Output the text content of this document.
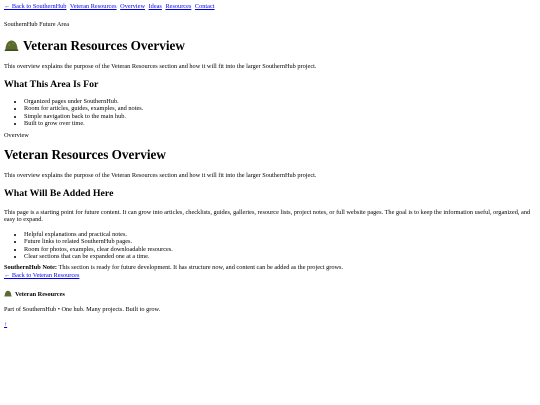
← Back to SouthernHub Veteran Resources Overview Ideas Resources Contact

SouthernHub Future Area

Veteran Resources Overview

This overview explains the purpose of the Veteran Resources section and how it will fit into the larger SouthernHub project.

What This Area Is For
• Organized pages under SouthernHub.
• Room for articles, guides, examples, and notes.
• Simple navigation back to the main hub.
• Built to grow over time.

Overview

Veteran Resources Overview

This overview explains the purpose of the Veteran Resources section and how it will fit into the larger SouthernHub project.

What Will Be Added Here

This page is a starting point for future content. It can grow into articles, checklists, guides, galleries, resource lists, project notes, or full website pages. The goal is to keep the information useful, organized, and easy to expand.

• Helpful explanations and practical notes.
• Future links to related SouthernHub pages.
• Room for photos, examples, clear downloadable resources.
• Clear sections that can be expanded one at a time.

SouthernHub Note: This section is ready for future development. It has structure now, and content can be added as the project grows.

← Back to Veteran Resources

Veteran Resources

Part of SouthernHub • One hub. Many projects. Built to grow.

↑
